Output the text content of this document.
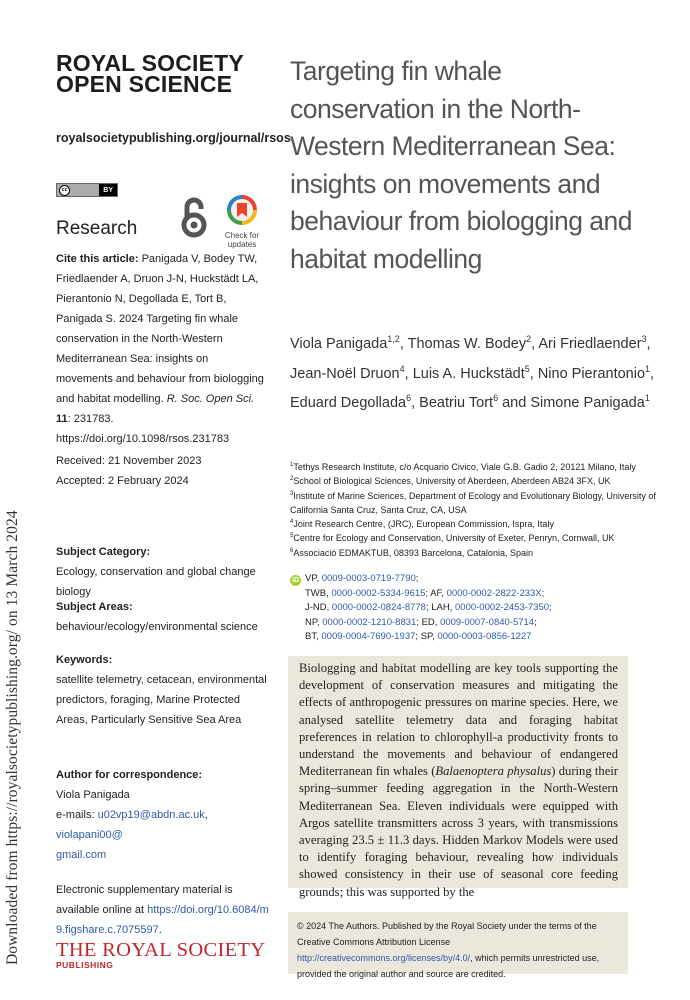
Downloaded from https://royalsocietypublishing.org/ on 13 March 2024
ROYAL SOCIETY
OPEN SCIENCE
royalsocietypublishing.org/journal/rsos
cc	BY
Research	Check for
updates
Cite this article: Panigada V, Bodey TW, Friedlaender A, Druon J-N, Huckstädt LA, Pierantonio N, Degollada E, Tort B, Panigada S. 2024 Targeting fin whale conservation in the North-Western Mediterranean Sea: insights on movements and behaviour from biologging and habitat modelling. R. Soc. Open Sci. 11: 231783. https://doi.org/10.1098/rsos.231783
Received: 21 November 2023
Accepted: 2 February 2024
Subject Category:
Ecology, conservation and global change biology
Subject Areas:
behaviour/ecology/environmental science
Keywords:
satellite telemetry, cetacean, environmental predictors, foraging, Marine Protected Areas, Particularly Sensitive Sea Area
Author for correspondence:
Viola Panigada
e-mails: u02vp19@abdn.ac.uk, violapani00@
gmail.com
Electronic supplementary material is available online at https://doi.org/10.6084/m9.figshare.c.7075597.
THE ROYAL SOCIETY
PUBLISHING
Targeting fin whale conservation in the North-Western Mediterranean Sea: insights on movements and behaviour from biologging and habitat modelling
Viola Panigada$^{1,2}$, Thomas W. Bodey$^2$, Ari Friedlaender$^3$, Jean-Noël Druon$^4$, Luis A. Huckstädt$^5$, Nino Pierantonio$^1$, Eduard Degollada$^6$, Beatriu Tort$^6$ and Simone Panigada$^1$
$^1$Tethys Research Institute, c/o Acquario Civico, Viale G.B. Gadio 2, 20121 Milano, Italy
$^2$School of Biological Sciences, University of Aberdeen, Aberdeen AB24 3FX, UK
$^3$Institute of Marine Sciences, Department of Ecology and Evolutionary Biology, University of California Santa Cruz, Santa Cruz, CA, USA
$^4$Joint Research Centre, (JRC), European Commission, Ispra, Italy
$^5$Centre for Ecology and Conservation, University of Exeter, Penryn, Cornwall, UK
$^6$Associació EDMAKTUB, 08393 Barcelona, Catalonia, Spain
iD VP, 0009-0003-0719-7790;
TWB, 0000-0002-5334-9615; AF, 0000-0002-2822-233X;
J-ND, 0000-0002-0824-8778; LAH, 0000-0002-2453-7350;
NP, 0000-0002-1210-8831; ED, 0009-0007-0840-5714;
BT, 0009-0004-7690-1937; SP, 0000-0003-0856-1227
Biologging and habitat modelling are key tools supporting the development of conservation measures and mitigating the effects of anthropogenic pressures on marine species. Here, we analysed satellite telemetry data and foraging habitat preferences in relation to chlorophyll-a productivity fronts to understand the movements and behaviour of endangered Mediterranean fin whales (Balaenoptera physalus) during their spring–summer feeding aggregation in the North-Western Mediterranean Sea. Eleven individuals were equipped with Argos satellite transmitters across 3 years, with transmissions averaging 23.5 ± 11.3 days. Hidden Markov Models were used to identify foraging behaviour, revealing how individuals showed consistency in their use of seasonal core feeding grounds; this was supported by the
© 2024 The Authors. Published by the Royal Society under the terms of the Creative Commons Attribution License http://creativecommons.org/licenses/by/4.0/, which permits unrestricted use, provided the original author and source are credited.
